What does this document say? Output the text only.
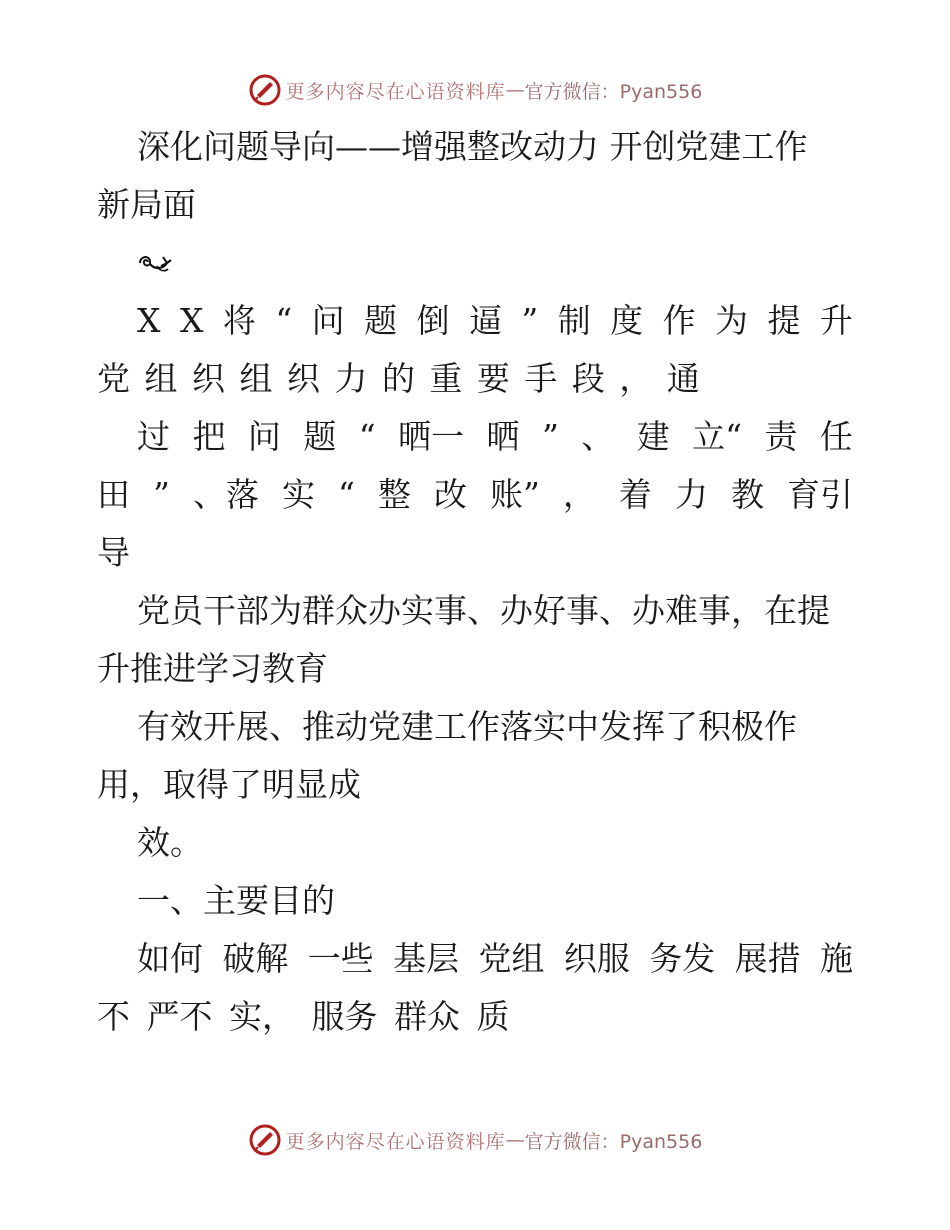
更多内容尽在心语资料库 — 官方微信：Pyan556
深化问题导向——增强整改动力 开创党建工作
新局面
X X 将 “ 问 题 倒 逼 ” 制 度 作 为 提 升
党 组 织 组 织 力 的 重 要 手 段 ， 通
过 把 问 题 “ 晒一 晒 ” 、 建 立“ 责 任
田 ” 、落 实 “ 整 改 账” ， 着 力 教 育引
导
党员干部为群众办实事、办好事、办难事，在提
升推进学习教育
有效开展、推动党建工作落实中发挥了积极作
用，取得了明显成
效。
一、主要目的
如何 破解 一些 基层 党组 织服 务发 展措 施
不 严不 实， 服务 群众 质
更多内容尽在心语资料库 — 官方微信：Pyan556
